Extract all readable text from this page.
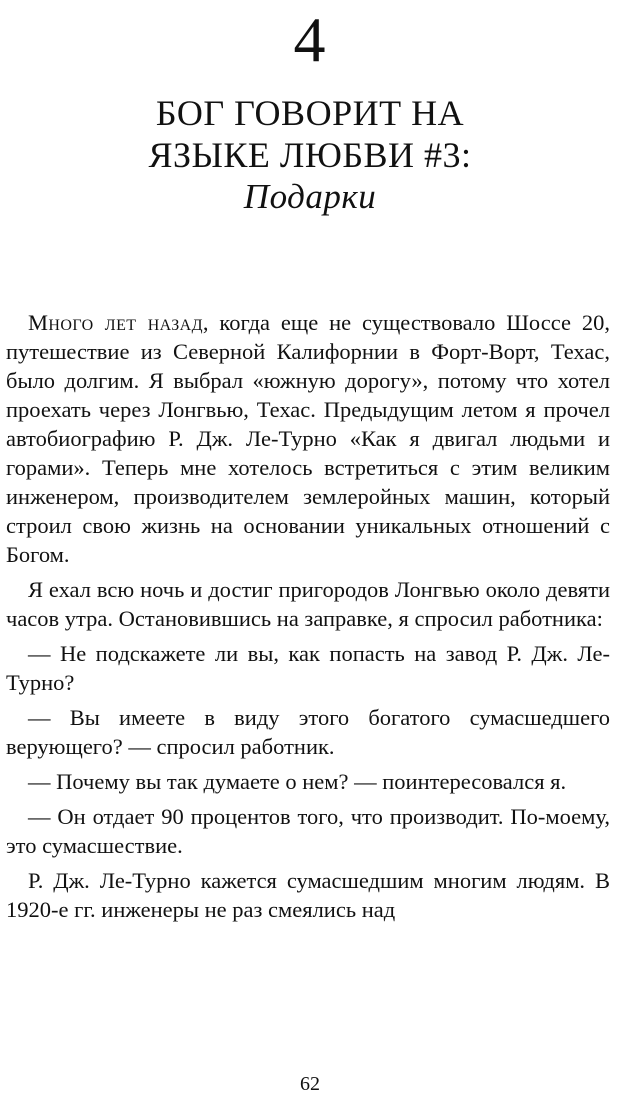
4
БОГ ГОВОРИТ НА
ЯЗЫКЕ ЛЮБВИ #3:
Подарки

Много лет назад, когда еще не существовало Шоссе 20, путешествие из Северной Калифорнии в Форт-Ворт, Техас, было долгим. Я выбрал «южную дорогу», потому что хотел проехать через Лонгвью, Техас. Предыдущим летом я прочел автобиографию Р. Дж. Ле-Турно «Как я двигал людьми и горами». Теперь мне хотелось встретиться с этим великим инженером, производителем землеройных машин, который строил свою жизнь на основании уникальных отношений с Богом.

Я ехал всю ночь и достиг пригородов Лонгвью около девяти часов утра. Остановившись на заправке, я спросил работника:

— Не подскажете ли вы, как попасть на завод Р. Дж. Ле-Турно?

— Вы имеете в виду этого богатого сумасшедшего верующего? — спросил работник.

— Почему вы так думаете о нем? — поинтересовался я.

— Он отдает 90 процентов того, что производит. По-моему, это сумасшествие.

Р. Дж. Ле-Турно кажется сумасшедшим многим людям. В 1920-е гг. инженеры не раз смеялись над

62
